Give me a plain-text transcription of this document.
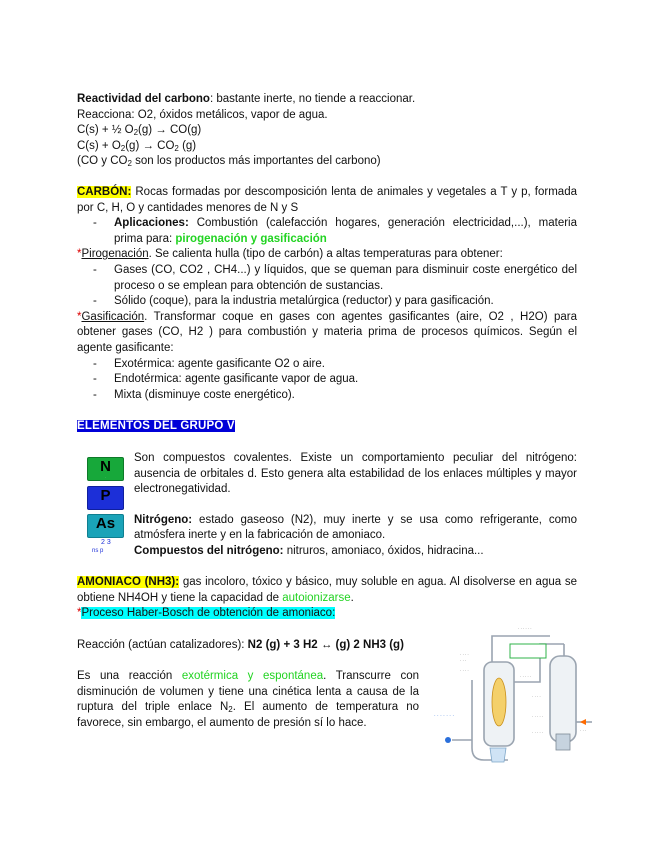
Reactividad del carbono: bastante inerte, no tiende a reaccionar.

Reacciona: O2, óxidos metálicos, vapor de agua.

C(s) + ½ $O_2(g) \to CO(g)$

$C(s) + O_2(g) \to CO_2$ (g)

(CO y $CO_2$ son los productos más importantes del carbono)

CARBÓN: Rocas formadas por descomposición lenta de animales y vegetales a T y p, formada por C, H, O y cantidades menores de N y S

- Aplicaciones: Combustión (calefacción hogares, generación electricidad,...), materia prima para: pirogenación y gasificación

*Pirogenación. Se calienta hulla (tipo de carbón) a altas temperaturas para obtener:

- Gases (CO, CO2 , CH4...) y líquidos, que se queman para disminuir coste energético del proceso o se emplean para obtención de sustancias.
- Sólido (coque), para la industria metalúrgica (reductor) y para gasificación.

*Gasificación. Transformar coque en gases con agentes gasificantes (aire, O2 , H2O) para obtener gases (CO, H2 ) para combustión y materia prima de procesos químicos. Según el agente gasificante:

- Exotérmica: agente gasificante O2 o aire.
- Endotérmica: agente gasificante vapor de agua.
- Mixta (disminuye coste energético).
ELEMENTOS DEL GRUPO V
N
·
P
As
2 3
ns p

Son compuestos covalentes. Existe un comportamiento peculiar del nitrógeno: ausencia de orbitales d. Esto genera alta estabilidad de los enlaces múltiples y mayor electronegatividad.

Nitrógeno: estado gaseoso (N2), muy inerte y se usa como refrigerante, como atmósfera inerte y en la fabricación de amoniaco.

Compuestos del nitrógeno: nitruros, amoniaco, óxidos, hidracina...

AMONIACO (NH3): gas incoloro, tóxico y básico, muy soluble en agua. Al disolverse en agua se obtiene NH4OH y tiene la capacidad de autoionizarse.

*Proceso Haber-Bosch de obtención de amoniaco:

Reacción (actúan catalizadores): N2 (g) + 3 H2 ↔ (g) 2 NH3 (g)

Es una reacción exotérmica y espontánea. Transcurre con disminución de volumen y tiene una cinética lenta a causa de la ruptura del triple enlace $N_2$. El aumento de temperatura no favorece, sin embargo, el aumento de presión sí lo hace.

· · · · · ·
· · · ·
· · ·
· · · ·
· · · · ·
· · · ·
· · · · ·
· · · · ·	· · ·
· · · · · · ·
